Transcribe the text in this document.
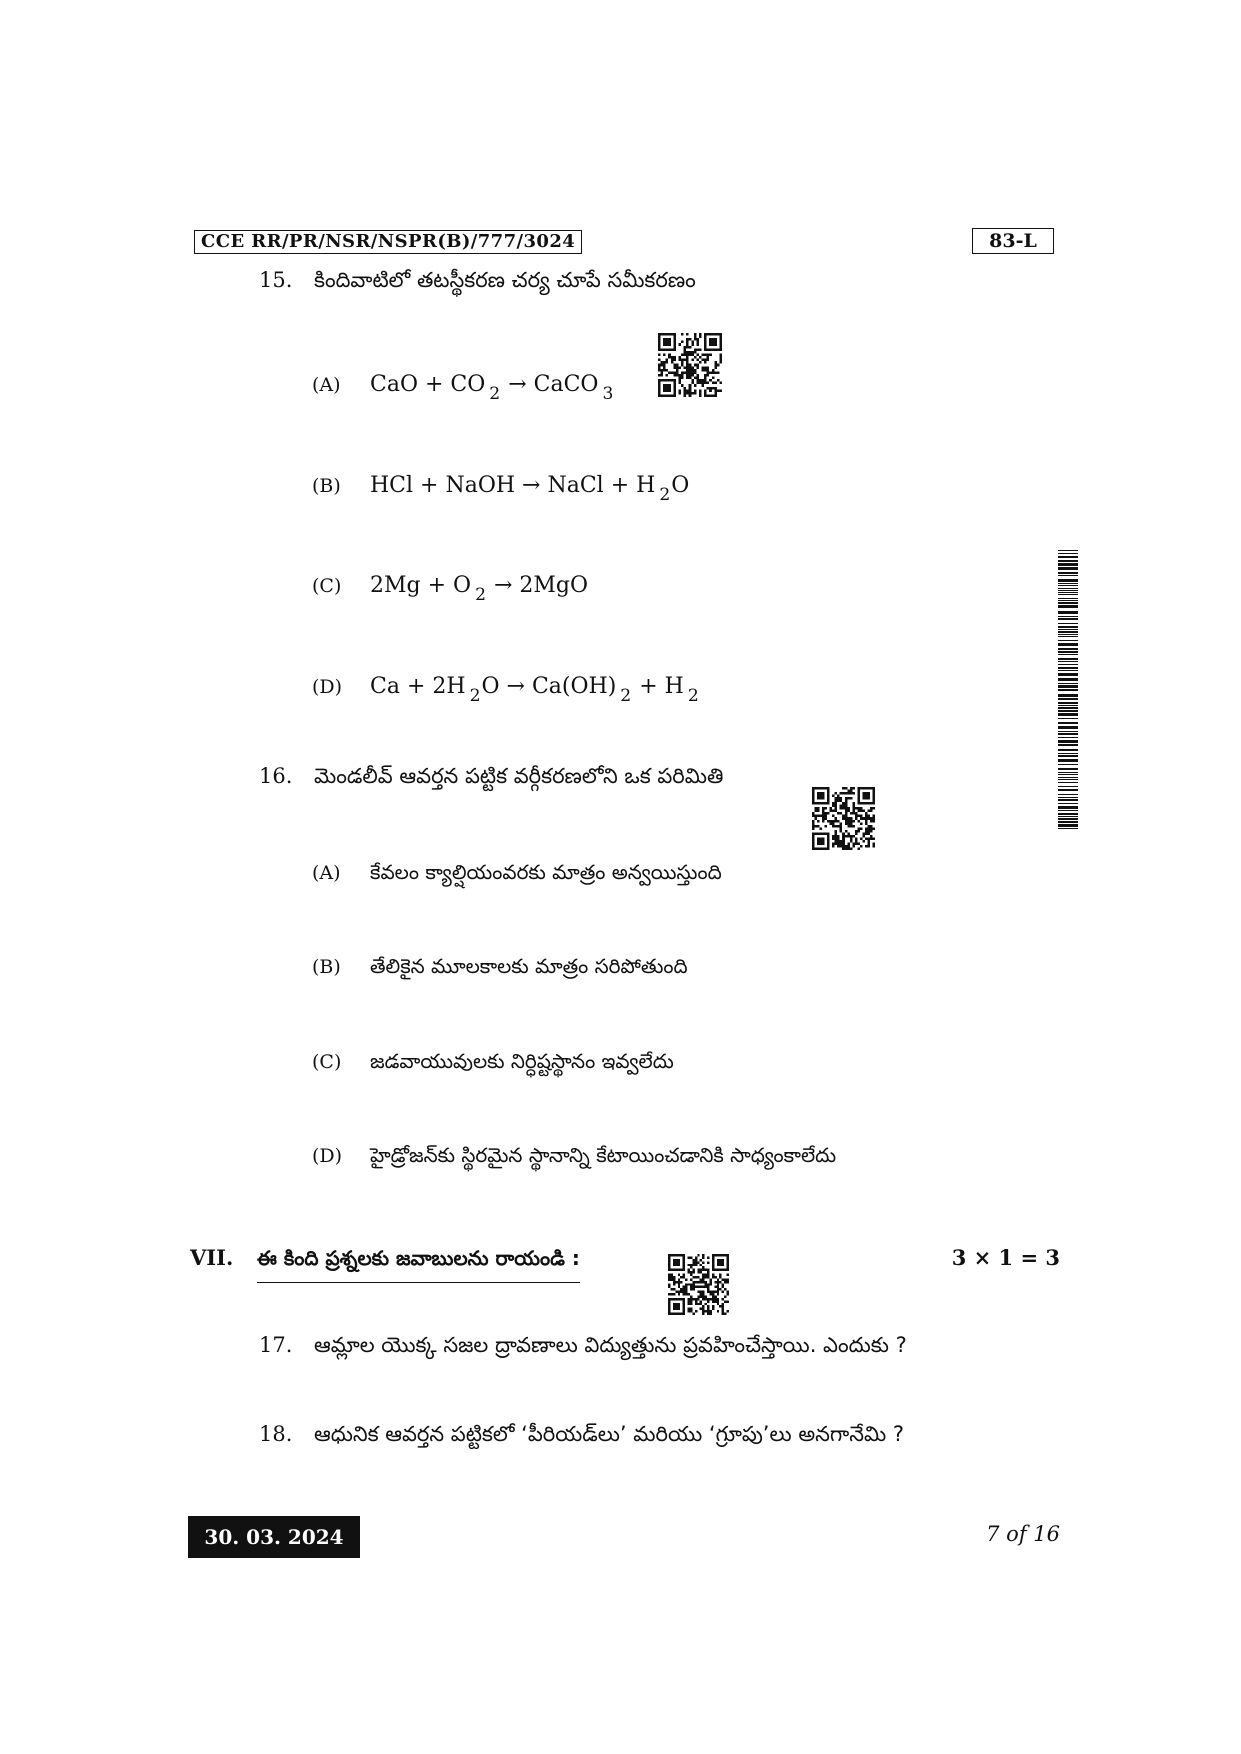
CCE RR/PR/NSR/NSPR(B)/777/3024	83-L
15. కిందివాటిలో తటస్థీకరణ చర్య చూపే సమీకరణం
(A) CaO + CO $_2$ → CaCO $_3$
(B) HCl + NaOH → NaCl + H $_2$O
(C) 2Mg + O $_2$ → 2MgO
(D) Ca + 2H $_2$O → Ca(OH) $_2$ + H $_2$
16. మెండలీవ్ ఆవర్తన పట్టిక వర్గీకరణలోని ఒక పరిమితి
(A) కేవలం క్యాల్షియంవరకు మాత్రం అన్వయిస్తుంది
(B) తేలికైన మూలకాలకు మాత్రం సరిపోతుంది
(C) జడవాయువులకు నిర్ధిష్టస్థానం ఇవ్వలేదు
(D) హైడ్రోజన్‌కు స్థిరమైన స్థానాన్ని కేటాయించడానికి సాధ్యంకాలేదు
VII. ఈ కింది ప్రశ్నలకు జవాబులను రాయండి :	3 × 1 = 3
17. ఆమ్లాల యొక్క సజల ద్రావణాలు విద్యుత్తును ప్రవహించేస్తాయి. ఎందుకు ?
18. ఆధునిక ఆవర్తన పట్టికలో ‘పీరియడ్‌లు’ మరియు ‘గ్రూపు’లు అనగానేమి ?
30. 03. 2024	7 of 16
